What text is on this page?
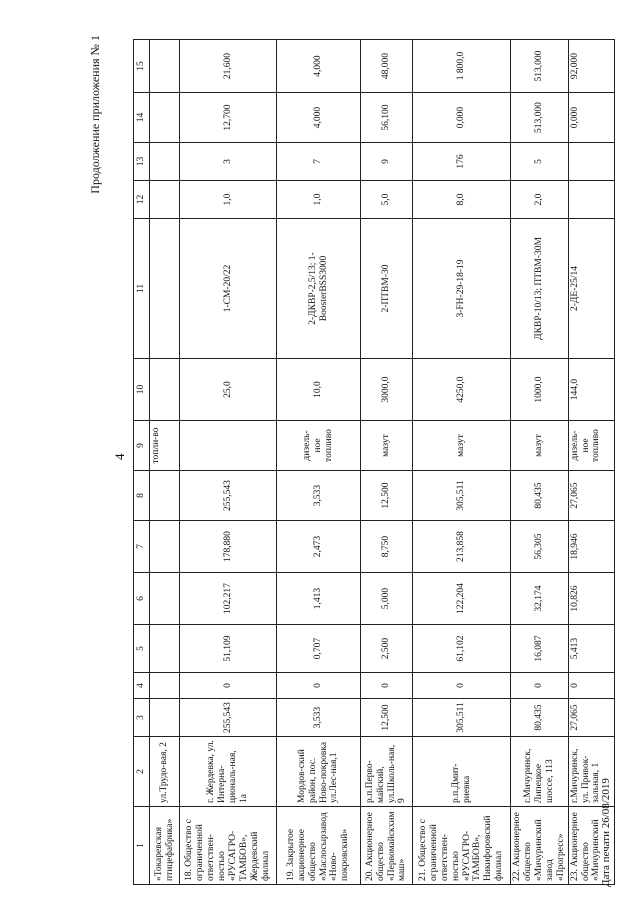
4
Продолжение приложения № 1
1	2	3	4	5	6	7	8	9	10	11	12	13	14	15
«Токаревская птицефабрика»	ул.Трудо-вая, 2							топли-во						
18. Общество с ограниченной ответствен-ностью «РУСАГРО-ТАМБОВ», Жердевский филиал	г. Жердевка, ул. Интерна-циональ-ная, 1а	255,543	0	51,109	102,217	178,880	255,543		25,0	1-СМ-20/22	1,0	3	12,700	21,600
19. Закрытое акционерное общество «Маслосырзавод «Ново-покровский»	Мордов-ский район, пос. Ново-покровка ул.Лес-ная,1	3,533	0	0,707	1,413	2,473	3,533	дизель-ное топливо	10,0	2-ДКВР-2,5/13; 1-BoosterBSS3000	1,0	7	4,000	4,000
20. Акционерное общество «Первомайскхим маш»	р.п.Перво-майский, ул.Школь-ная, 9	12,500	0	2,500	5,000	8,750	12,500	мазут	3000,0	2-ПТВМ-30	5,0	9	56,100	48,000
21. Общество с ограниченной ответствен-ностью «РУСАГРО-ТАМБОВ», Никифоровский филиал	р.п.Дмит-риевка	305,511	0	61,102	122,204	213,858	305,511	мазут	4250,0	3-FH-29-18-19	8,0	176	0,000	1 800,0
22. Акционерное общество «Мичуринский завод «Прогресс»	г.Мичуринск, Липецкое шоссе, 113	80,435	0	16,087	32,174	56,305	80,435	мазут	1000,0	ДКВР-10/13; ПТВМ-30М	2,0	5	513,000	513,000
23. Акционерное общество «Мичуринский	г.Мичуринск, ул. Привок-зальная, 1	27,065	0	5,413	10,826	18,946	27,065	дизель-ное топливо	144,0	2-ДЕ-25/14			0,000	92,000
Дата печати 26/08/2019
